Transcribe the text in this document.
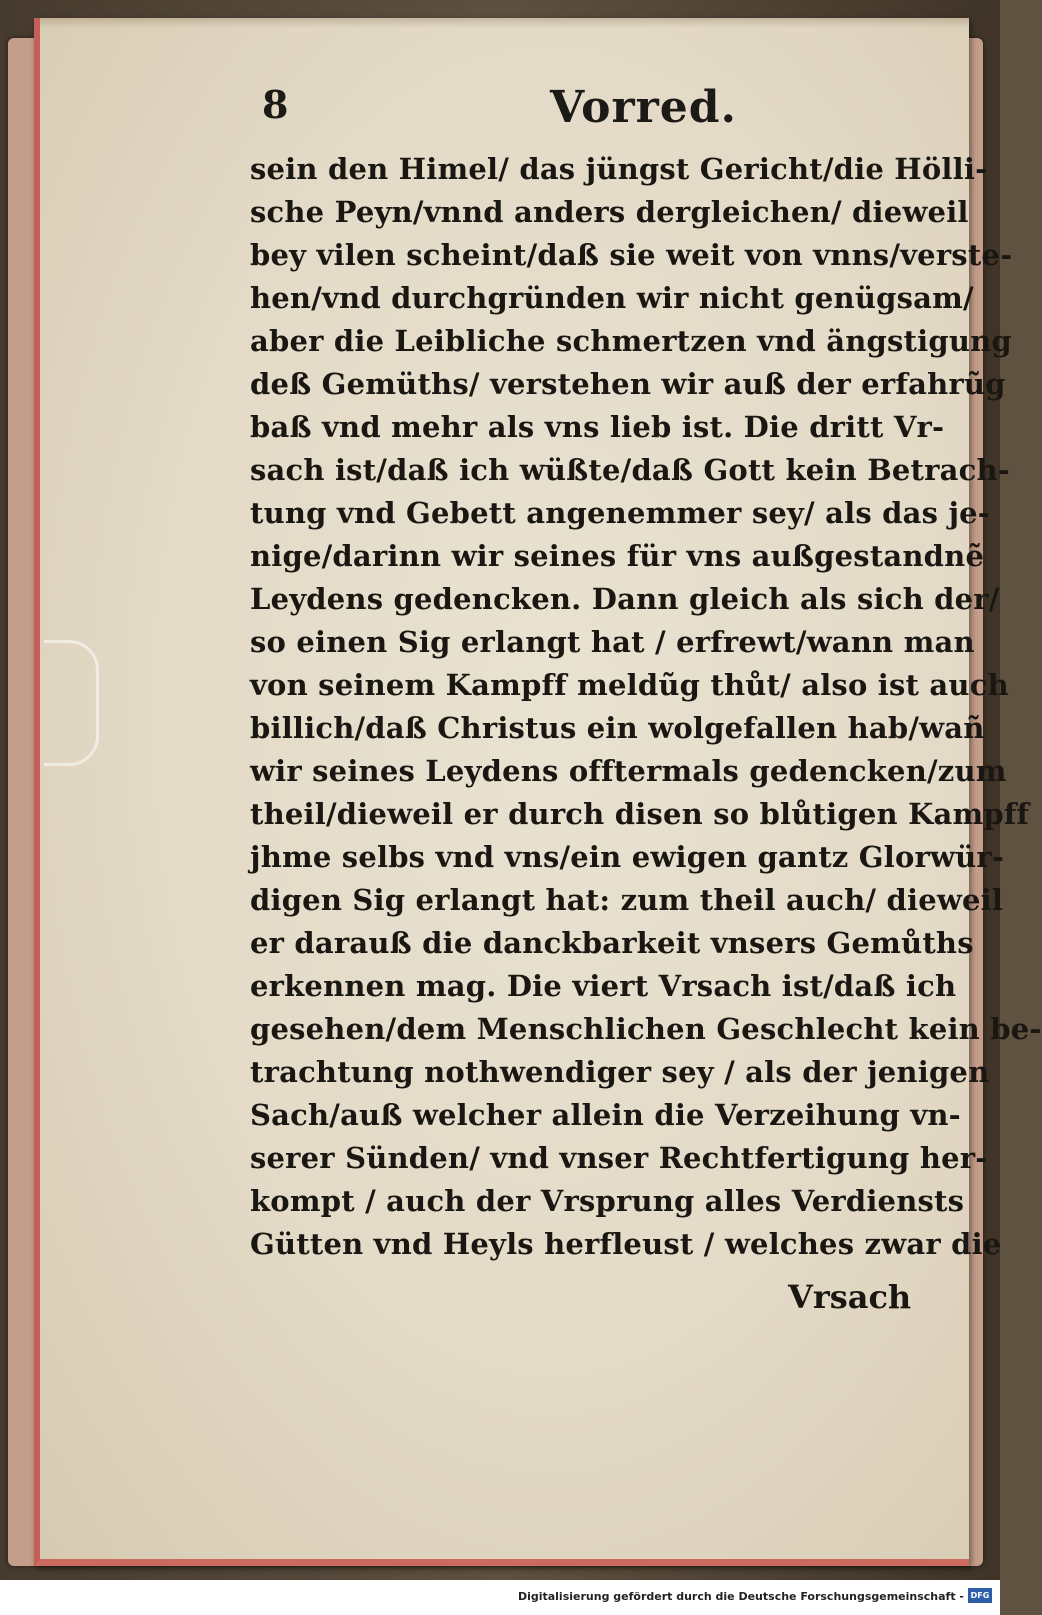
8	Vorred.
sein den Himel/ das jüngst Gericht/die Hölli-
sche Peyn/vnnd anders dergleichen/ dieweil
bey vilen scheint/daß sie weit von vnns/verste-
hen/vnd durchgründen wir nicht genügsam/
aber die Leibliche schmertzen vnd ängstigung
deß Gemüths/ verstehen wir auß der erfahrũg
baß vnd mehr als vns lieb ist. Die dritt Vr-
sach ist/daß ich wüßte/daß Gott kein Betrach-
tung vnd Gebett angenemmer sey/ als das je-
nige/darinn wir seines für vns außgestandnẽ
Leydens gedencken. Dann gleich als sich der/
so einen Sig erlangt hat / erfrewt/wann man
von seinem Kampff meldũg thůt/ also ist auch
billich/daß Christus ein wolgefallen hab/wañ
wir seines Leydens offtermals gedencken/zum
theil/dieweil er durch disen so blůtigen Kampff
jhme selbs vnd vns/ein ewigen gantz Glorwür-
digen Sig erlangt hat: zum theil auch/ dieweil
er darauß die danckbarkeit vnsers Gemůths
erkennen mag. Die viert Vrsach ist/daß ich
gesehen/dem Menschlichen Geschlecht kein be-
trachtung nothwendiger sey / als der jenigen
Sach/auß welcher allein die Verzeihung vn-
serer Sünden/ vnd vnser Rechtfertigung her-
kompt / auch der Vrsprung alles Verdiensts
Gütten vnd Heyls herfleust / welches zwar die
Vrsach
Digitalisierung gefördert durch die Deutsche Forschungsgemeinschaft - DFG
